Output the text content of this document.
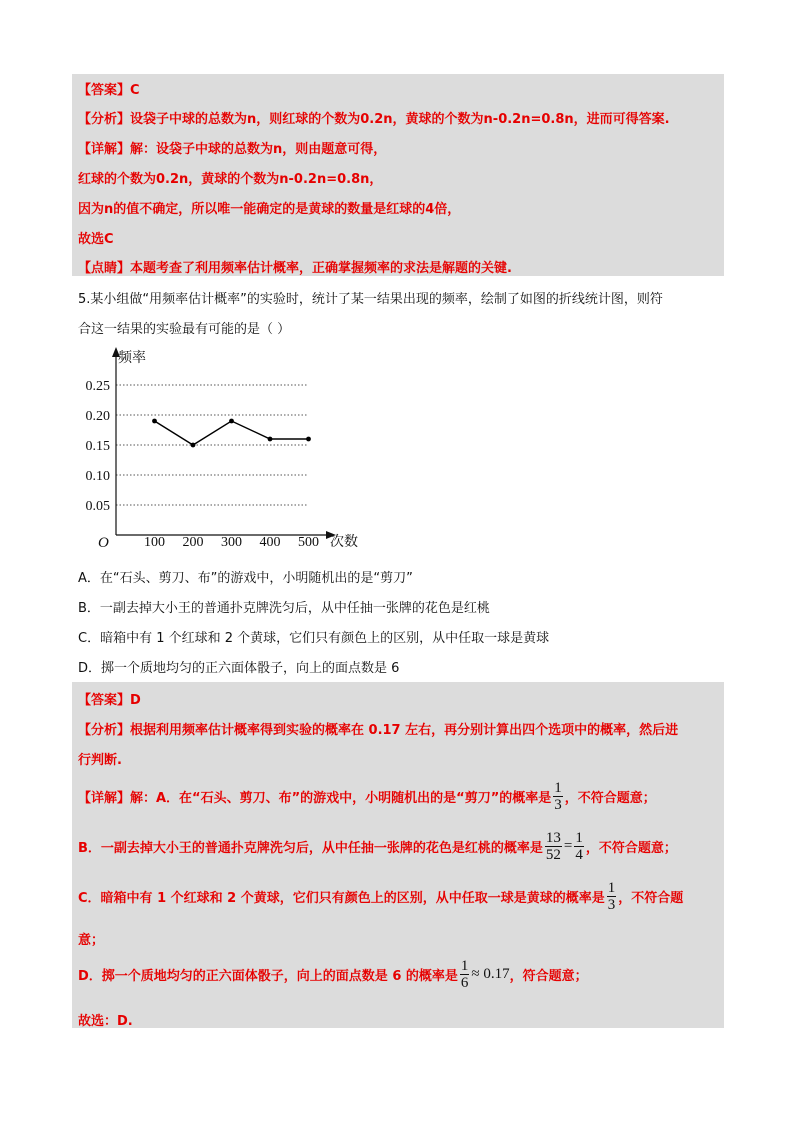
【答案】C
【分析】设袋子中球的总数为n，则红球的个数为0.2n，黄球的个数为n-0.2n=0.8n，进而可得答案.
【详解】解：设袋子中球的总数为n，则由题意可得，
红球的个数为0.2n，黄球的个数为n-0.2n=0.8n，
因为n的值不确定，所以唯一能确定的是黄球的数量是红球的4倍，
故选C
【点睛】本题考查了利用频率估计概率，正确掌握频率的求法是解题的关键.
5.某小组做“用频率估计概率”的实验时，统计了某一结果出现的频率，绘制了如图的折线统计图，则符
合这一结果的实验最有可能的是（ ）
频率
次数
O
0.05
0.10
0.15
0.20
0.25
100 200 300 400 500
A．在“石头、剪刀、布”的游戏中，小明随机出的是“剪刀”
B．一副去掉大小王的普通扑克牌洗匀后，从中任抽一张牌的花色是红桃
C．暗箱中有 1 个红球和 2 个黄球，它们只有颜色上的区别，从中任取一球是黄球
D．掷一个质地均匀的正六面体骰子，向上的面点数是 6
【答案】D
【分析】根据利用频率估计概率得到实验的概率在 0.17 左右，再分别计算出四个选项中的概率，然后进
行判断.
【详解】解：A．在“石头、剪刀、布”的游戏中，小明随机出的是“剪刀”的概率是 $\frac{1}{3}$ ，不符合题意；
B．一副去掉大小王的普通扑克牌洗匀后，从中任抽一张牌的花色是红桃的概率是 $\frac{13}{52} = \frac{1}{4}$ ，不符合题意；
C．暗箱中有 1 个红球和 2 个黄球，它们只有颜色上的区别，从中任取一球是黄球的概率是 $\frac{1}{3}$ ，不符合题
意；
D．掷一个质地均匀的正六面体骰子，向上的面点数是 6 的概率是 $\frac{1}{6} \approx 0.17$ ，符合题意；
故选：D.
